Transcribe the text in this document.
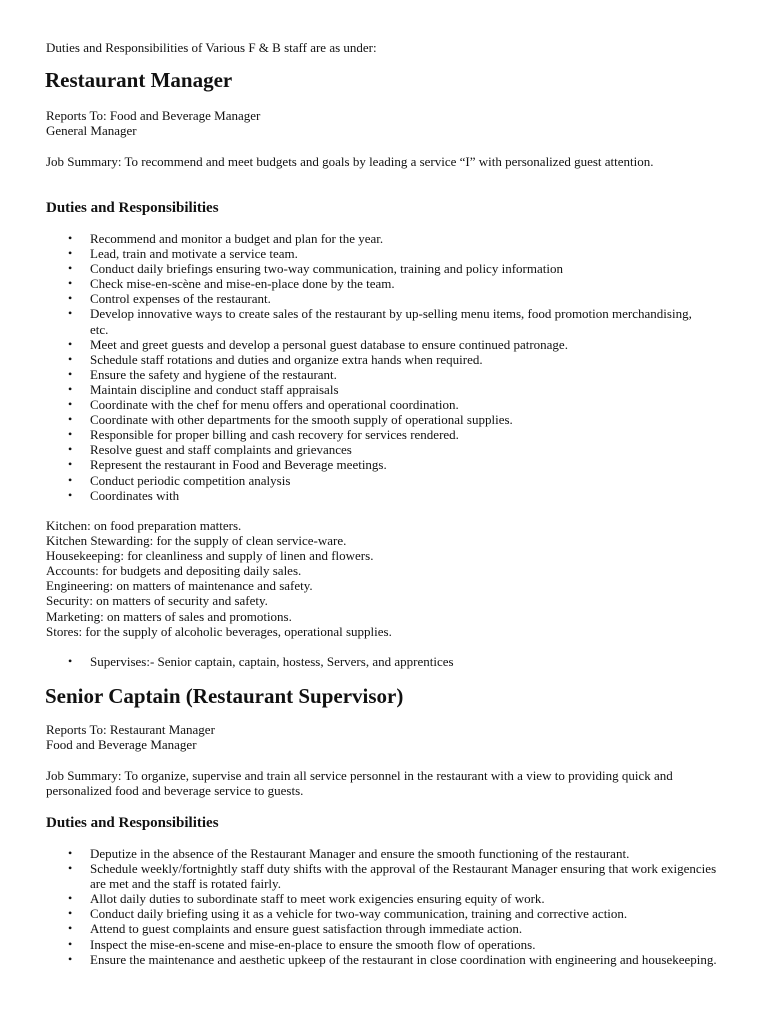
Duties and Responsibilities of Various F & B staff are as under:
Restaurant Manager
Reports To: Food and Beverage Manager
General Manager
Job Summary: To recommend and meet budgets and goals by leading a service “I” with personalized guest attention.
Duties and Responsibilities
• Recommend and monitor a budget and plan for the year.
• Lead, train and motivate a service team.
• Conduct daily briefings ensuring two-way communication, training and policy information
• Check mise-en-scène and mise-en-place done by the team.
• Control expenses of the restaurant.
• Develop innovative ways to create sales of the restaurant by up-selling menu items, food promotion merchandising, etc.
• Meet and greet guests and develop a personal guest database to ensure continued patronage.
• Schedule staff rotations and duties and organize extra hands when required.
• Ensure the safety and hygiene of the restaurant.
• Maintain discipline and conduct staff appraisals
• Coordinate with the chef for menu offers and operational coordination.
• Coordinate with other departments for the smooth supply of operational supplies.
• Responsible for proper billing and cash recovery for services rendered.
• Resolve guest and staff complaints and grievances
• Represent the restaurant in Food and Beverage meetings.
• Conduct periodic competition analysis
• Coordinates with
Kitchen: on food preparation matters.
Kitchen Stewarding: for the supply of clean service-ware.
Housekeeping: for cleanliness and supply of linen and flowers.
Accounts: for budgets and depositing daily sales.
Engineering: on matters of maintenance and safety.
Security: on matters of security and safety.
Marketing: on matters of sales and promotions.
Stores: for the supply of alcoholic beverages, operational supplies.
• Supervises:- Senior captain, captain, hostess, Servers, and apprentices
Senior Captain (Restaurant Supervisor)
Reports To: Restaurant Manager
Food and Beverage Manager
Job Summary: To organize, supervise and train all service personnel in the restaurant with a view to providing quick and personalized food and beverage service to guests.
Duties and Responsibilities
• Deputize in the absence of the Restaurant Manager and ensure the smooth functioning of the restaurant.
• Schedule weekly/fortnightly staff duty shifts with the approval of the Restaurant Manager ensuring that work exigencies are met and the staff is rotated fairly.
• Allot daily duties to subordinate staff to meet work exigencies ensuring equity of work.
• Conduct daily briefing using it as a vehicle for two-way communication, training and corrective action.
• Attend to guest complaints and ensure guest satisfaction through immediate action.
• Inspect the mise-en-scene and mise-en-place to ensure the smooth flow of operations.
• Ensure the maintenance and aesthetic upkeep of the restaurant in close coordination with engineering and housekeeping.
